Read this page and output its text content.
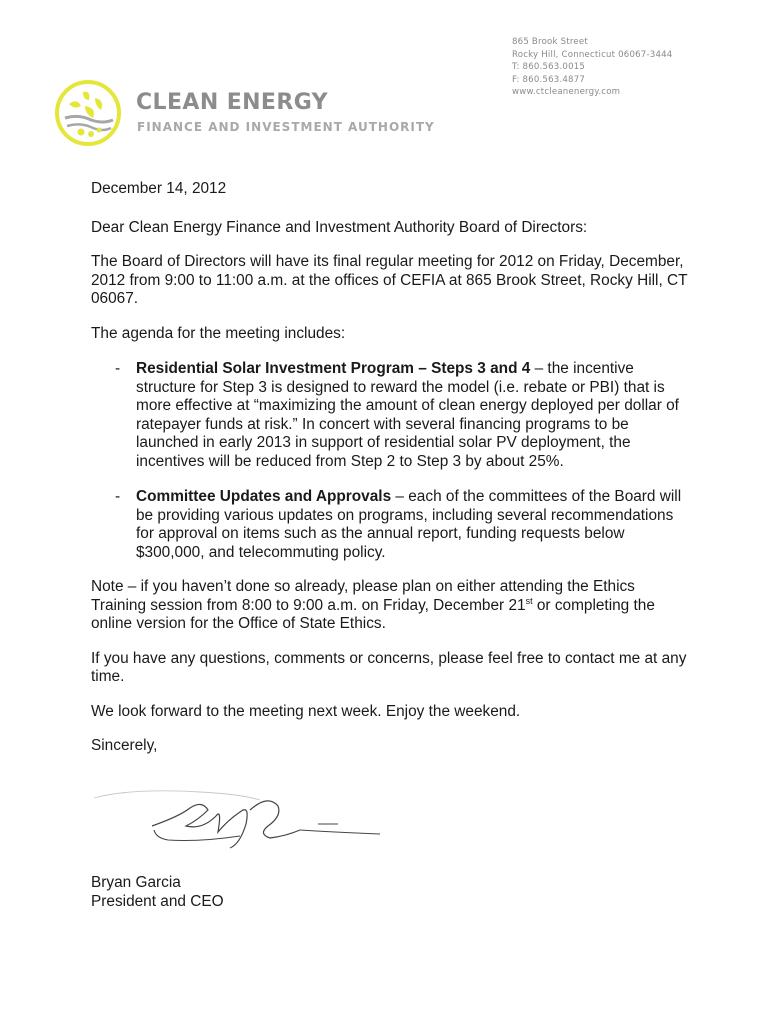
865 Brook Street
Rocky Hill, Connecticut 06067-3444
T: 860.563.0015
F: 860.563.4877
www.ctcleanenergy.com
CLEAN ENERGY
FINANCE AND INVESTMENT AUTHORITY

December 14, 2012

Dear Clean Energy Finance and Investment Authority Board of Directors:

The Board of Directors will have its final regular meeting for 2012 on Friday, December, 2012 from 9:00 to 11:00 a.m. at the offices of CEFIA at 865 Brook Street, Rocky Hill, CT 06067.

The agenda for the meeting includes:

- Residential Solar Investment Program – Steps 3 and 4 – the incentive structure for Step 3 is designed to reward the model (i.e. rebate or PBI) that is more effective at “maximizing the amount of clean energy deployed per dollar of ratepayer funds at risk.” In concert with several financing programs to be launched in early 2013 in support of residential solar PV deployment, the incentives will be reduced from Step 2 to Step 3 by about 25%.
- Committee Updates and Approvals – each of the committees of the Board will be providing various updates on programs, including several recommendations for approval on items such as the annual report, funding requests below $300,000, and telecommuting policy.

Note – if you haven’t done so already, please plan on either attending the Ethics Training session from 8:00 to 9:00 a.m. on Friday, December 21st or completing the online version for the Office of State Ethics.

If you have any questions, comments or concerns, please feel free to contact me at any time.

We look forward to the meeting next week. Enjoy the weekend.

Sincerely,

Bryan Garcia
President and CEO
